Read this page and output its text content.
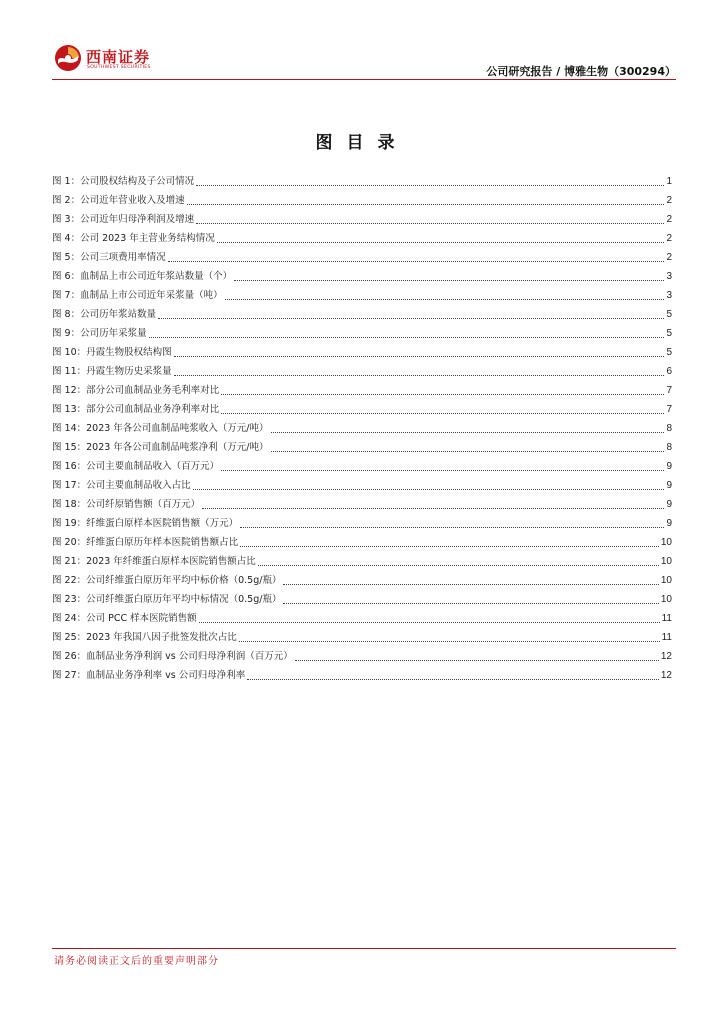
西南证券
SOUTHWEST SECURITIES	公司研究报告 / 博雅生物（300294）
图目录
图 1：公司股权结构及子公司情况	1
图 2：公司近年营业收入及增速	2
图 3：公司近年归母净利润及增速	2
图 4：公司 2023 年主营业务结构情况	2
图 5：公司三项费用率情况	2
图 6：血制品上市公司近年浆站数量（个）	3
图 7：血制品上市公司近年采浆量（吨）	3
图 8：公司历年浆站数量	5
图 9：公司历年采浆量	5
图 10：丹霞生物股权结构图	5
图 11：丹霞生物历史采浆量	6
图 12：部分公司血制品业务毛利率对比	7
图 13：部分公司血制品业务净利率对比	7
图 14：2023 年各公司血制品吨浆收入（万元/吨）	8
图 15：2023 年各公司血制品吨浆净利（万元/吨）	8
图 16：公司主要血制品收入（百万元）	9
图 17：公司主要血制品收入占比	9
图 18：公司纤原销售额（百万元）	9
图 19：纤维蛋白原样本医院销售额（万元）	9
图 20：纤维蛋白原历年样本医院销售额占比	10
图 21：2023 年纤维蛋白原样本医院销售额占比	10
图 22：公司纤维蛋白原历年平均中标价格（0.5g/瓶）	10
图 23：公司纤维蛋白原历年平均中标情况（0.5g/瓶）	10
图 24：公司 PCC 样本医院销售额	11
图 25：2023 年我国八因子批签发批次占比	11
图 26：血制品业务净利润 vs 公司归母净利润（百万元）	12
图 27：血制品业务净利率 vs 公司归母净利率	12
请务必阅读正文后的重要声明部分
